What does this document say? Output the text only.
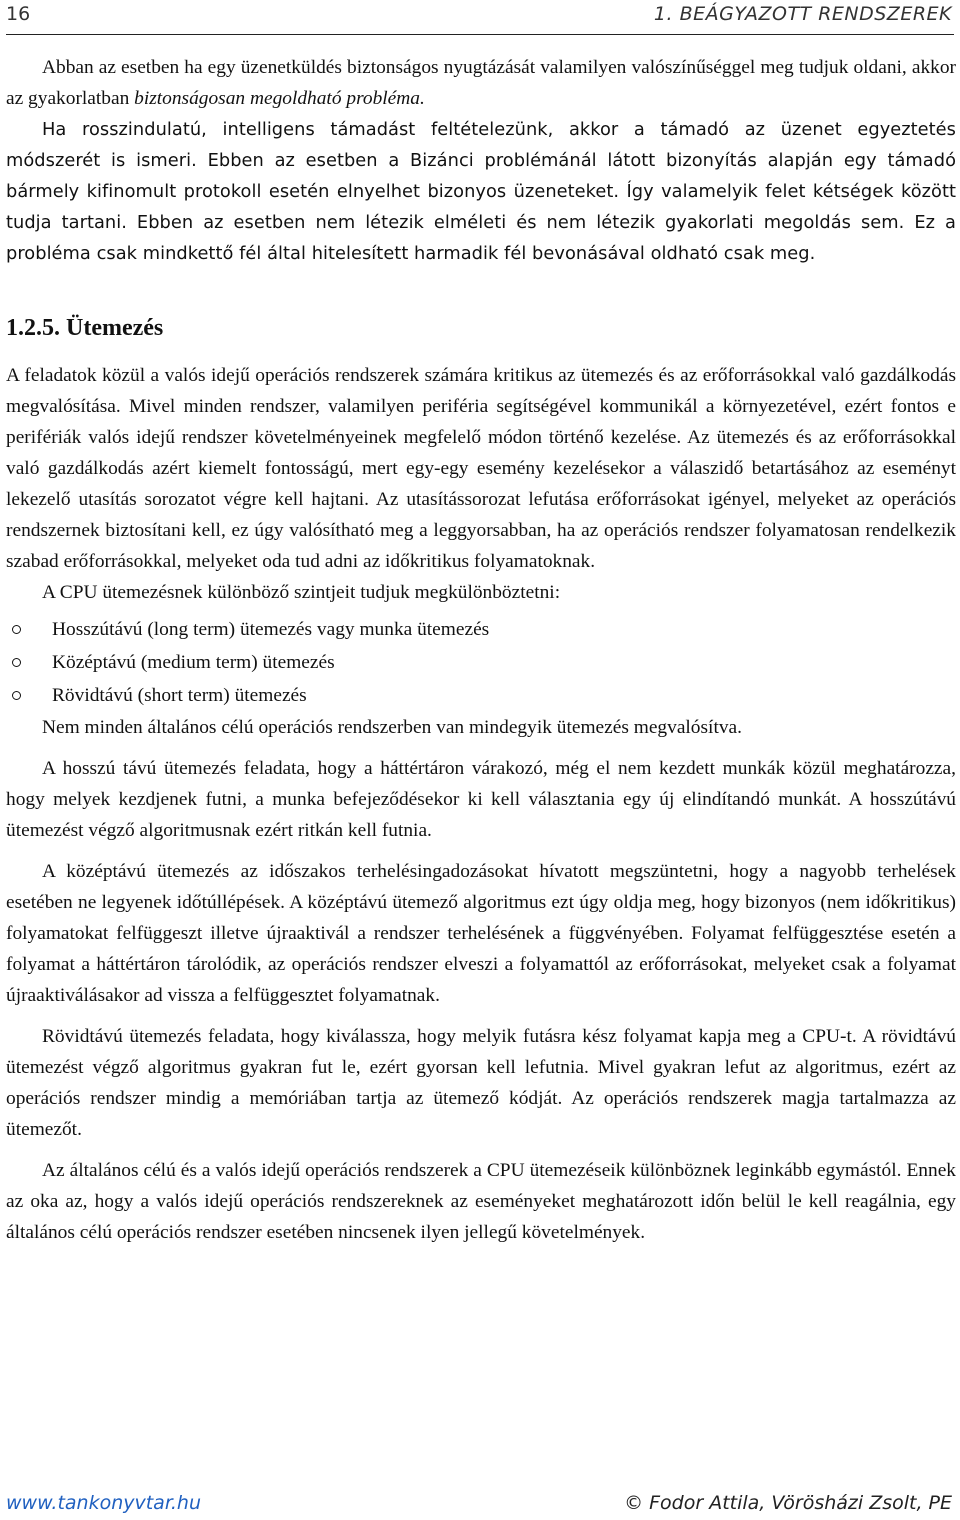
16	1. BEÁGYAZOTT RENDSZEREK

Abban az esetben ha egy üzenetküldés biztonságos nyugtázását valamilyen valószínűséggel meg tudjuk oldani, akkor az gyakorlatban biztonságosan megoldható probléma.

Ha rosszindulatú, intelligens támadást feltételezünk, akkor a támadó az üzenet egyeztetés módszerét is ismeri. Ebben az esetben a Bizánci problémánál látott bizonyítás alapján egy támadó bármely kifinomult protokoll esetén elnyelhet bizonyos üzeneteket. Így valamelyik felet kétségek között tudja tartani. Ebben az esetben nem létezik elméleti és nem létezik gyakorlati megoldás sem. Ez a probléma csak mindkettő fél által hitelesített harmadik fél bevonásával oldható csak meg.

1.2.5. Ütemezés

A feladatok közül a valós idejű operációs rendszerek számára kritikus az ütemezés és az erőforrásokkal való gazdálkodás megvalósítása. Mivel minden rendszer, valamilyen periféria segítségével kommunikál a környezetével, ezért fontos e perifériák valós idejű rendszer követelményeinek megfelelő módon történő kezelése. Az ütemezés és az erőforrásokkal való gazdálkodás azért kiemelt fontosságú, mert egy-egy esemény kezelésekor a válaszidő betartásához az eseményt lekezelő utasítás sorozatot végre kell hajtani. Az utasítássorozat lefutása erőforrásokat igényel, melyeket az operációs rendszernek biztosítani kell, ez úgy valósítható meg a leggyorsabban, ha az operációs rendszer folyamatosan rendelkezik szabad erőforrásokkal, melyeket oda tud adni az időkritikus folyamatoknak.

A CPU ütemezésnek különböző szintjeit tudjuk megkülönböztetni:

Hosszútávú (long term) ütemezés vagy munka ütemezés
Középtávú (medium term) ütemezés
Rövidtávú (short term) ütemezés

Nem minden általános célú operációs rendszerben van mindegyik ütemezés megvalósítva.

A hosszú távú ütemezés feladata, hogy a háttértáron várakozó, még el nem kezdett munkák közül meghatározza, hogy melyek kezdjenek futni, a munka befejeződésekor ki kell választania egy új elindítandó munkát. A hosszútávú ütemezést végző algoritmusnak ezért ritkán kell futnia.

A középtávú ütemezés az időszakos terhelésingadozásokat hívatott megszüntetni, hogy a nagyobb terhelések esetében ne legyenek időtúllépések. A középtávú ütemező algoritmus ezt úgy oldja meg, hogy bizonyos (nem időkritikus) folyamatokat felfüggeszt illetve újraaktivál a rendszer terhelésének a függvényében. Folyamat felfüggesztése esetén a folyamat a háttértáron tárolódik, az operációs rendszer elveszi a folyamattól az erőforrásokat, melyeket csak a folyamat újraaktiválásakor ad vissza a felfüggesztet folyamatnak.

Rövidtávú ütemezés feladata, hogy kiválassza, hogy melyik futásra kész folyamat kapja meg a CPU-t. A rövidtávú ütemezést végző algoritmus gyakran fut le, ezért gyorsan kell lefutnia. Mivel gyakran lefut az algoritmus, ezért az operációs rendszer mindig a memóriában tartja az ütemező kódját. Az operációs rendszerek magja tartalmazza az ütemezőt.

Az általános célú és a valós idejű operációs rendszerek a CPU ütemezéseik különböznek leginkább egymástól. Ennek az oka az, hogy a valós idejű operációs rendszereknek az eseményeket meghatározott időn belül le kell reagálnia, egy általános célú operációs rendszer esetében nincsenek ilyen jellegű követelmények.

www.tankonyvtar.hu	© Fodor Attila, Vörösházi Zsolt, PE
